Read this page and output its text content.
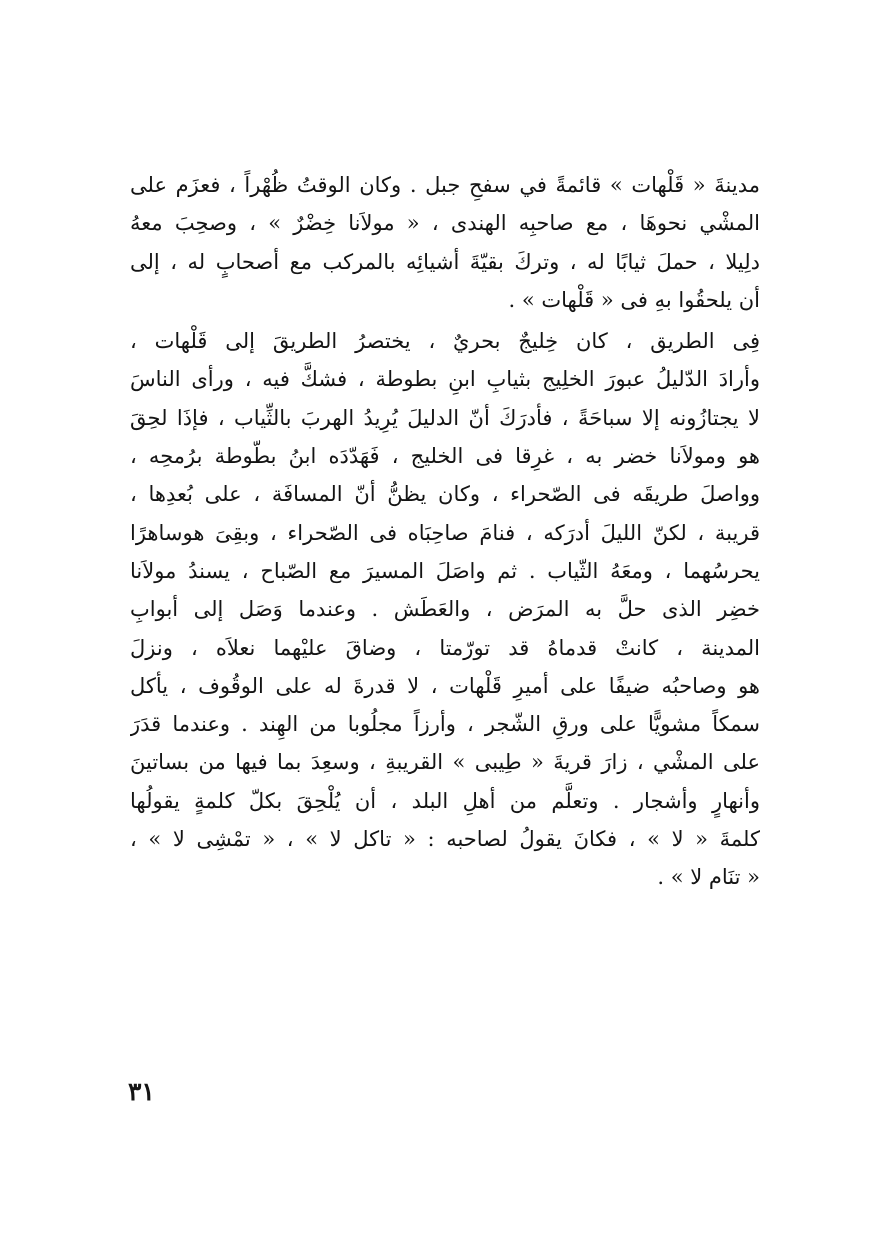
مدينةَ « قَلْهات » قائمةً في سفحِ جبل . وكان الوقتُ ظُهْراً ، فعزَم على
المشْي نحوهَا ، مع صاحبِه الهندى ، « مولاَنا خِضْرٌ » ، وصحِبَ معهُ
دلِيلا ، حملَ ثيابًا له ، وتركَ بقيّةَ أشيائِه بالمركب مع أصحابٍ له ، إلى
أن يلحقُوا بهِ فى « قَلْهات » .
فِى الطريق ، كان خِليجٌ بحريٌ ، يختصرُ الطريقَ إلى قَلْهات ،
وأرادَ الدّليلُ عبورَ الخلِيج بثيابِ ابنِ بطوطة ، فشكَّ فيه ، ورأى الناسَ
لا يجتازُونه إلا سباحَةً ، فأدرَكَ أنّ الدليلَ يُرِيدُ الهربَ بالثِّياب ، فإذَا لحِقَ
هو ومولاَنا خضر به ، غرِقا فى الخليج ، فَهَدّدَه ابنُ بطّوطة برُمحِه ،
وواصلَ طريقَه فى الصّحراء ، وكان يظنُّ أنّ المسافَة ، على بُعدِها ،
قريبة ، لكنّ الليلَ أدرَكه ، فنامَ صاحِبَاه فى الصّحراء ، وبقِىَ هوساهرًا
يحرسُهما ، ومعَهُ الثّياب . ثم واصَلَ المسيرَ مع الصّباح ، يسندُ مولاَنا
خضِر الذى حلَّ به المرَض ، والعَطَش . وعندما وَصَل إلى أبوابِ
المدينة ، كانتْ قدماهُ قد تورّمتا ، وضاقَ عليْهما نعلاَه ، ونزلَ
هو وصاحبُه ضيفًا على أميرِ قَلْهات ، لا قدرةَ له على الوقُوف ، يأكل
سمكاً مشويًّا على ورقِ الشّجر ، وأرزاً مجلُوبا من الهِند . وعندما قدَرَ
على المشْي ، زارَ قريةَ « طِيبى » القريبةِ ، وسعِدَ بما فيها من بساتينَ
وأنهارٍ وأشجار . وتعلَّم من أهلِ البلد ، أن يُلْحِقَ بكلّ كلمةٍ يقولُها
كلمةَ « لا » ، فكانَ يقولُ لصاحبه : « تاكل لا » ، « تمْشِى لا » ،
« تنَام لا » .
٣١
